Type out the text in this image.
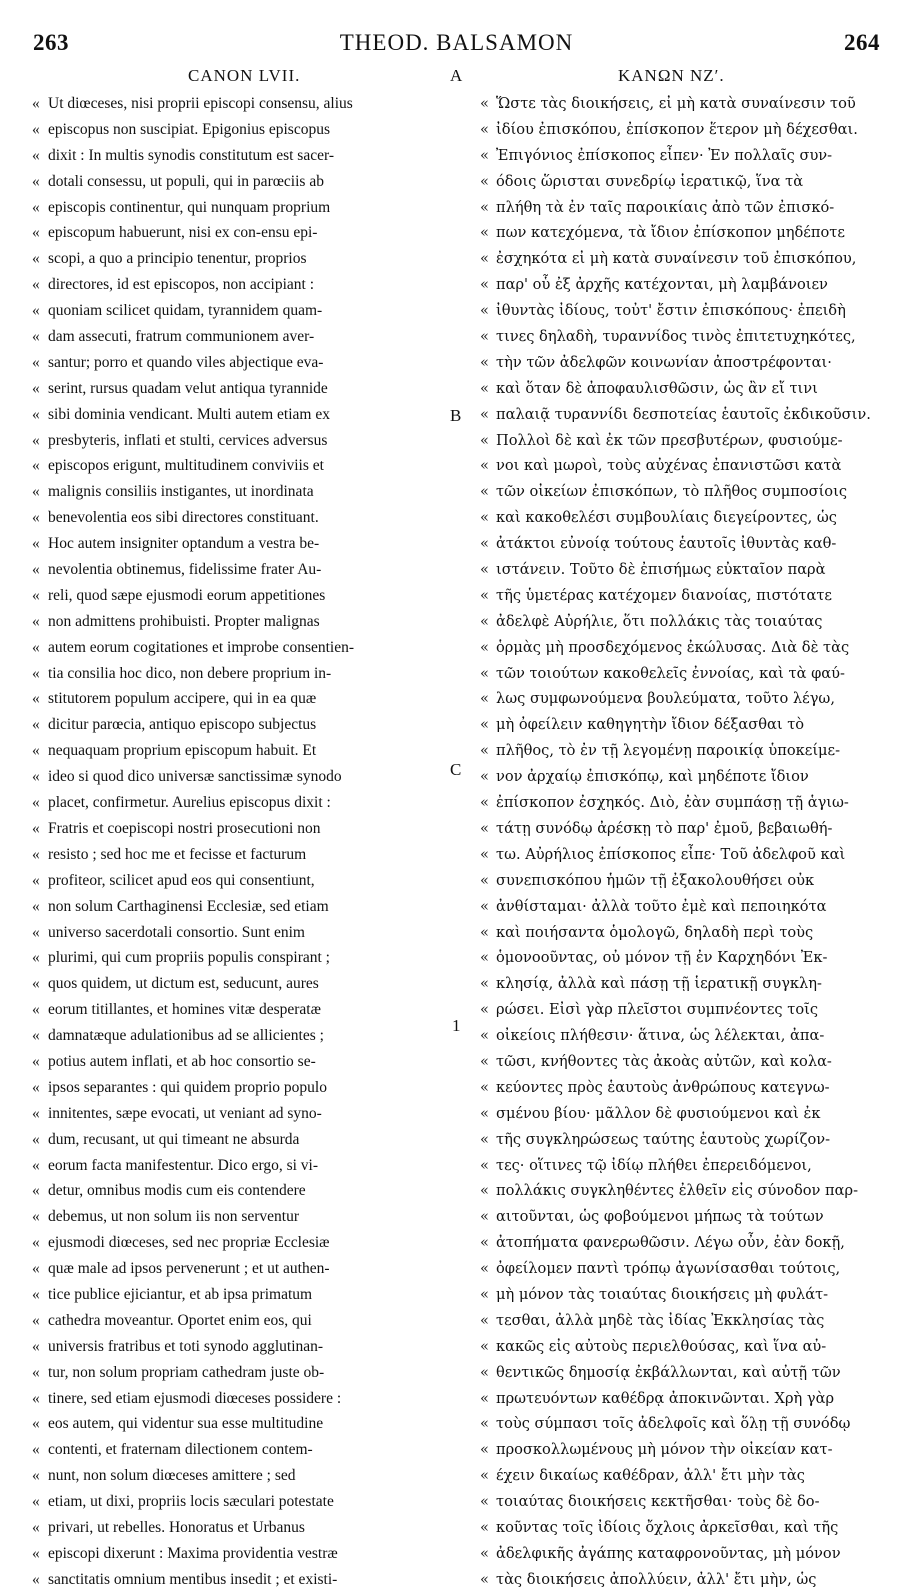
263	THEOD. BALSAMON	264
CANON LVII.	ΚΑΝΩΝ ΝΖʹ.
A
B
C
1
« Ut diœceses, nisi proprii episcopi consensu, alius
« episcopus non suscipiat. Epigonius episcopus
« dixit : In multis synodis constitutum est sacer-
« dotali consessu, ut populi, qui in parœciis ab
« episcopis continentur, qui nunquam proprium
« episcopum habuerunt, nisi ex con-ensu epi-
« scopi, a quo a principio tenentur, proprios
« directores, id est episcopos, non accipiant :
« quoniam scilicet quidam, tyrannidem quam-
« dam assecuti, fratrum communionem aver-
« santur; porro et quando viles abjectique eva-
« serint, rursus quadam velut antiqua tyrannide
« sibi dominia vendicant. Multi autem etiam ex
« presbyteris, inflati et stulti, cervices adversus
« episcopos erigunt, multitudinem conviviis et
« malignis consiliis instigantes, ut inordinata
« benevolentia eos sibi directores constituant.
« Hoc autem insigniter optandum a vestra be-
« nevolentia obtinemus, fidelissime frater Au-
« reli, quod sæpe ejusmodi eorum appetitiones
« non admittens prohibuisti. Propter malignas
« autem eorum cogitationes et improbe consentien-
« tia consilia hoc dico, non debere proprium in-
« stitutorem populum accipere, qui in ea quæ
« dicitur parœcia, antiquo episcopo subjectus
« nequaquam proprium episcopum habuit. Et
« ideo si quod dico universæ sanctissimæ synodo
« placet, confirmetur. Aurelius episcopus dixit :
« Fratris et coepiscopi nostri prosecutioni non
« resisto ; sed hoc me et fecisse et facturum
« profiteor, scilicet apud eos qui consentiunt,
« non solum Carthaginensi Ecclesiæ, sed etiam
« universo sacerdotali consortio. Sunt enim
« plurimi, qui cum propriis populis conspirant ;
« quos quidem, ut dictum est, seducunt, aures
« eorum titillantes, et homines vitæ desperatæ
« damnatæque adulationibus ad se allicientes ;
« potius autem inflati, et ab hoc consortio se-
« ipsos separantes : qui quidem proprio populo
« innitentes, sæpe evocati, ut veniant ad syno-
« dum, recusant, ut qui timeant ne absurda
« eorum facta manifestentur. Dico ergo, si vi-
« detur, omnibus modis cum eis contendere
« debemus, ut non solum iis non serventur
« ejusmodi diœceses, sed nec propriæ Ecclesiæ
« quæ male ad ipsos pervenerunt ; et ut authen-
« tice publice ejiciantur, et ab ipsa primatum
« cathedra moveantur. Oportet enim eos, qui
« universis fratribus et toti synodo agglutinan-
« tur, non solum propriam cathedram juste ob-
« tinere, sed etiam ejusmodi diœceses possidere :
« eos autem, qui videntur sua esse multitudine
« contenti, et fraternam dilectionem contem-
« nunt, non solum diœceses amittere ; sed
« etiam, ut dixi, propriis locis sæculari potestate
« privari, ut rebelles. Honoratus et Urbanus
« episcopi dixerunt : Maxima providentia vestræ
« sanctitatis omnium mentibus insedit ; et existi-
« Ὥστε τὰς διοικήσεις, εἰ μὴ κατὰ συναίνεσιν τοῦ
« ἰδίου ἐπισκόπου, ἐπίσκοπον ἕτερον μὴ δέχεσθαι.
« Ἐπιγόνιος ἐπίσκοπος εἶπεν· Ἐν πολλαῖς συν-
« όδοις ὥρισται συνεδρίῳ ἱερατικῷ, ἵνα τὰ
« πλήθη τὰ ἐν ταῖς παροικίαις ἀπὸ τῶν ἐπισκό-
« πων κατεχόμενα, τὰ ἴδιον ἐπίσκοπον μηδέποτε
« ἐσχηκότα εἰ μὴ κατὰ συναίνεσιν τοῦ ἐπισκόπου,
« παρ' οὗ ἐξ ἀρχῆς κατέχονται, μὴ λαμβάνοιεν
« ἰθυντὰς ἰδίους, τοὐτ' ἔστιν ἐπισκόπους· ἐπειδὴ
« τινες δηλαδὴ, τυραννίδος τινὸς ἐπιτετυχηκότες,
« τὴν τῶν ἀδελφῶν κοινωνίαν ἀποστρέφονται·
« καὶ ὅταν δὲ ἀποφαυλισθῶσιν, ὡς ἂν εἴ τινι
« παλαιᾷ τυραννίδι δεσποτείας ἑαυτοῖς ἐκδικοῦσιν.
« Πολλοὶ δὲ καὶ ἐκ τῶν πρεσβυτέρων, φυσιούμε-
« νοι καὶ μωροὶ, τοὺς αὐχένας ἐπανιστῶσι κατὰ
« τῶν οἰκείων ἐπισκόπων, τὸ πλῆθος συμποσίοις
« καὶ κακοθελέσι συμβουλίαις διεγείροντες, ὡς
« ἀτάκτοι εὐνοίᾳ τούτους ἑαυτοῖς ἰθυντὰς καθ-
« ιστάνειν. Τοῦτο δὲ ἐπισήμως εὐκταῖον παρὰ
« τῆς ὑμετέρας κατέχομεν διανοίας, πιστότατε
« ἀδελφὲ Αὐρήλιε, ὅτι πολλάκις τὰς τοιαύτας
« ὁρμὰς μὴ προσδεχόμενος ἐκώλυσας. Διὰ δὲ τὰς
« τῶν τοιούτων κακοθελεῖς ἐννοίας, καὶ τὰ φαύ-
« λως συμφωνούμενα βουλεύματα, τοῦτο λέγω,
« μὴ ὀφείλειν καθηγητὴν ἴδιον δέξασθαι τὸ
« πλῆθος, τὸ ἐν τῇ λεγομένῃ παροικίᾳ ὑποκείμε-
« νον ἀρχαίῳ ἐπισκόπῳ, καὶ μηδέποτε ἴδιον
« ἐπίσκοπον ἐσχηκός. Διὸ, ἐὰν συμπάσῃ τῇ ἁγιω-
« τάτῃ συνόδῳ ἀρέσκῃ τὸ παρ' ἐμοῦ, βεβαιωθή-
« τω. Αὐρήλιος ἐπίσκοπος εἶπε· Τοῦ ἀδελφοῦ καὶ
« συνεπισκόπου ἡμῶν τῇ ἐξακολουθήσει οὐκ
« ἀνθίσταμαι· ἀλλὰ τοῦτο ἐμὲ καὶ πεποιηκότα
« καὶ ποιήσαντα ὁμολογῶ, δηλαδὴ περὶ τοὺς
« ὁμονοοῦντας, οὐ μόνον τῇ ἐν Καρχηδόνι Ἐκ-
« κλησίᾳ, ἀλλὰ καὶ πάσῃ τῇ ἱερατικῇ συγκλη-
« ρώσει. Εἰσὶ γὰρ πλεῖστοι συμπνέοντες τοῖς
« οἰκείοις πλήθεσιν· ἅτινα, ὡς λέλεκται, ἀπα-
« τῶσι, κνήθοντες τὰς ἀκοὰς αὐτῶν, καὶ κολα-
« κεύοντες πρὸς ἑαυτοὺς ἀνθρώπους κατεγνω-
« σμένου βίου· μᾶλλον δὲ φυσιούμενοι καὶ ἐκ
« τῆς συγκληρώσεως ταύτης ἑαυτοὺς χωρίζον-
« τες· οἵτινες τῷ ἰδίῳ πλήθει ἐπερειδόμενοι,
« πολλάκις συγκληθέντες ἐλθεῖν εἰς σύνοδον παρ-
« αιτοῦνται, ὡς φοβούμενοι μήπως τὰ τούτων
« ἀτοπήματα φανερωθῶσιν. Λέγω οὖν, ἐὰν δοκῇ,
« ὀφείλομεν παντὶ τρόπῳ ἀγωνίσασθαι τούτοις,
« μὴ μόνον τὰς τοιαύτας διοικήσεις μὴ φυλάτ-
« τεσθαι, ἀλλὰ μηδὲ τὰς ἰδίας Ἐκκλησίας τὰς
« κακῶς εἰς αὐτοὺς περιελθούσας, καὶ ἵνα αὐ-
« θεντικῶς δημοσίᾳ ἐκβάλλωνται, καὶ αὐτῇ τῶν
« πρωτευόντων καθέδρᾳ ἀποκινῶνται. Χρὴ γὰρ
« τοὺς σύμπασι τοῖς ἀδελφοῖς καὶ ὅλῃ τῇ συνόδῳ
« προσκολλωμένους μὴ μόνον τὴν οἰκείαν κατ-
« έχειν δικαίως καθέδραν, ἀλλ' ἔτι μὴν τὰς
« τοιαύτας διοικήσεις κεκτῆσθαι· τοὺς δὲ δο-
« κοῦντας τοῖς ἰδίοις ὄχλοις ἀρκεῖσθαι, καὶ τῆς
« ἀδελφικῆς ἀγάπης καταφρονοῦντας, μὴ μόνον
« τὰς διοικήσεις ἀπολλύειν, ἀλλ' ἔτι μὴν, ὡς
